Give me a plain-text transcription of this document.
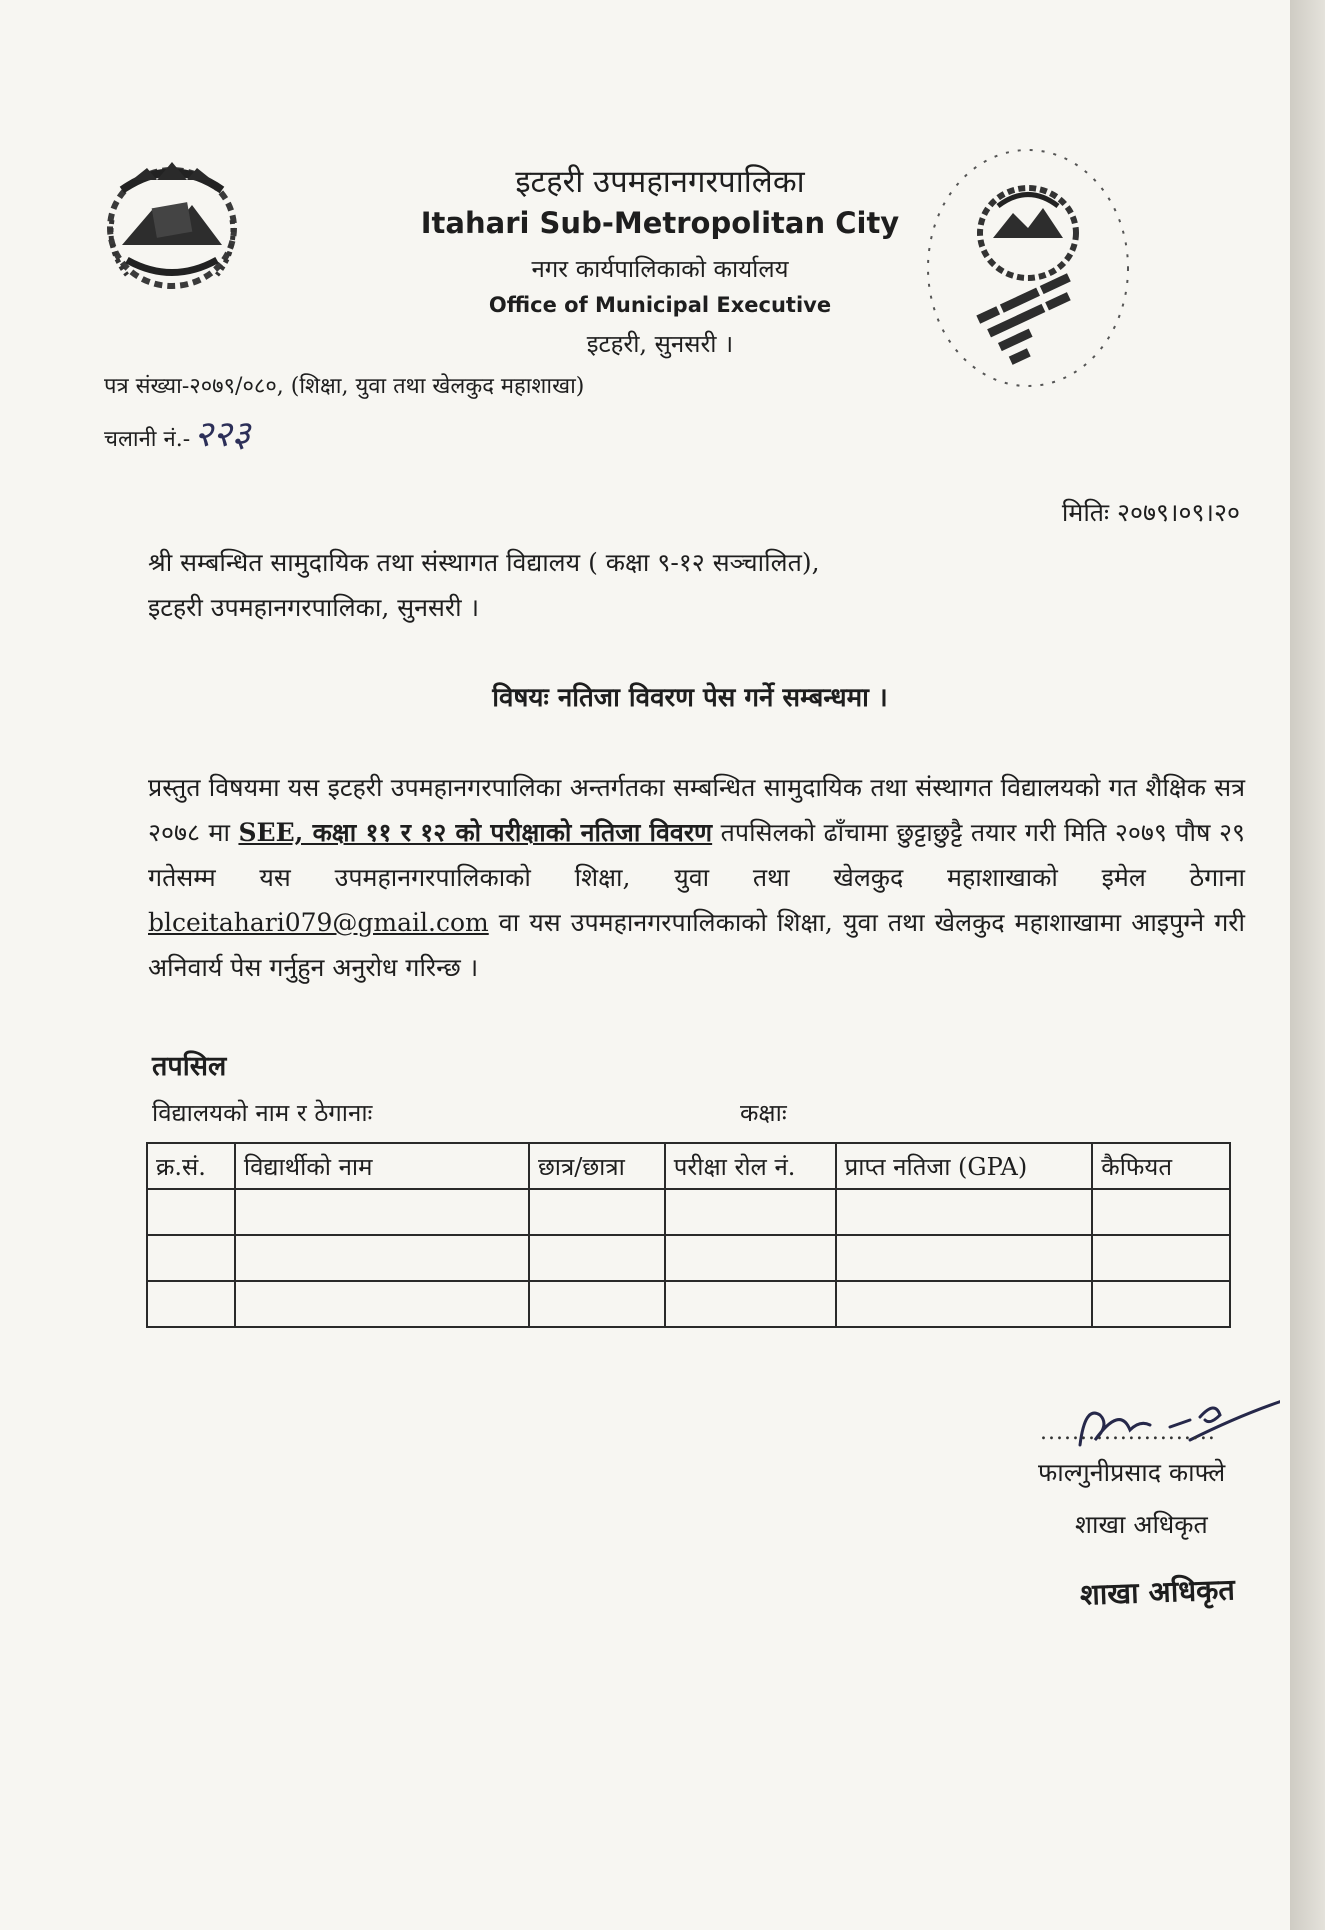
इटहरी उपमहानगरपालिका
Itahari Sub-Metropolitan City
नगर कार्यपालिकाको कार्यालय
Office of Municipal Executive
इटहरी, सुनसरी ।
पत्र संख्या-२०७९/०८०, (शिक्षा, युवा तथा खेलकुद महाशाखा)
चलानी नं.- २२३
मितिः २०७९।०९।२०
श्री सम्बन्धित सामुदायिक तथा संस्थागत विद्यालय ( कक्षा ९-१२ सञ्चालित),
इटहरी उपमहानगरपालिका, सुनसरी ।
विषयः नतिजा विवरण पेस गर्ने सम्बन्धमा ।
प्रस्तुत विषयमा यस इटहरी उपमहानगरपालिका अन्तर्गतका सम्बन्धित सामुदायिक तथा संस्थागत विद्यालयको गत शैक्षिक सत्र २०७८ मा SEE, कक्षा ११ र १२ को परीक्षाको नतिजा विवरण तपसिलको ढाँचामा छुट्टाछुट्टै तयार गरी मिति २०७९ पौष २९ गतेसम्म यस उपमहानगरपालिकाको शिक्षा, युवा तथा खेलकुद महाशाखाको इमेल ठेगाना blceitahari079@gmail.com वा यस उपमहानगरपालिकाको शिक्षा, युवा तथा खेलकुद महाशाखामा आइपुग्ने गरी अनिवार्य पेस गर्नुहुन अनुरोध गरिन्छ ।
तपसिल
विद्यालयको नाम र ठेगानाः	कक्षाः
क्र.सं.	विद्यार्थीको नाम	छात्र/छात्रा	परीक्षा रोल नं.	प्राप्त नतिजा (GPA)	कैफियत

......................
फाल्गुनीप्रसाद काफ्ले
शाखा अधिकृत
शाखा अधिकृत
